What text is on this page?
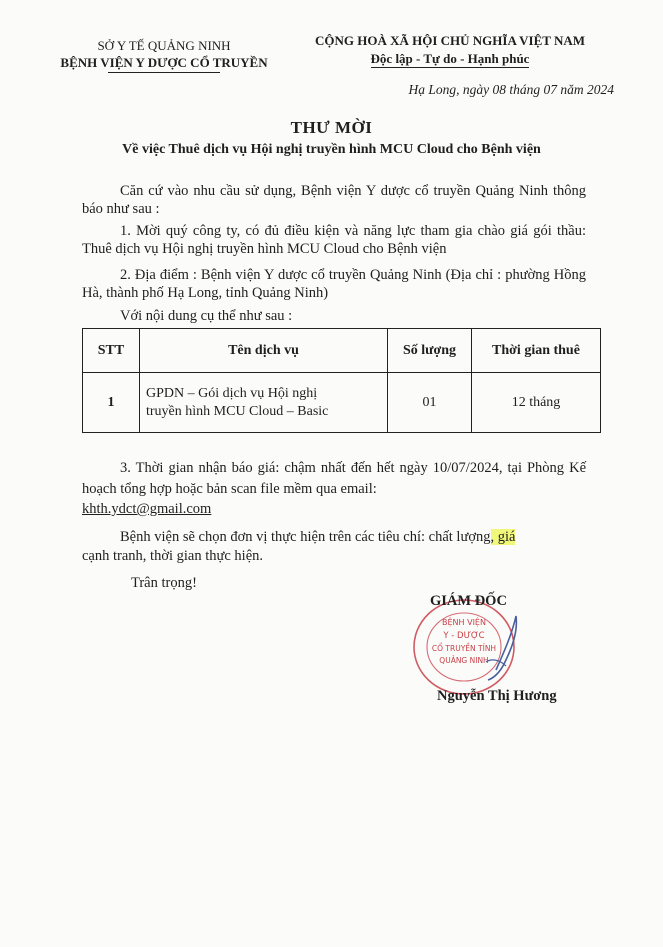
SỞ Y TẾ QUẢNG NINH
BỆNH VIỆN Y DƯỢC CỔ TRUYỀN
CỘNG HOÀ XÃ HỘI CHỦ NGHĨA VIỆT NAM
Độc lập - Tự do - Hạnh phúc
Hạ Long, ngày 08 tháng 07 năm 2024
THƯ MỜI
Về việc Thuê dịch vụ Hội nghị truyền hình MCU Cloud cho Bệnh viện
Căn cứ vào nhu cầu sử dụng, Bệnh viện Y dược cổ truyền Quảng Ninh thông báo như sau :
1. Mời quý công ty, có đủ điều kiện và năng lực tham gia chào giá gói thầu: Thuê dịch vụ Hội nghị truyền hình MCU Cloud cho Bệnh viện
2. Địa điểm : Bệnh viện Y dược cổ truyền Quảng Ninh (Địa chỉ : phường Hồng Hà, thành phố Hạ Long, tỉnh Quảng Ninh)
Với nội dung cụ thể như sau :
STT	Tên dịch vụ	Số lượng	Thời gian thuê
1	GPDN – Gói dịch vụ Hội nghị
truyền hình MCU Cloud – Basic	01	12 tháng
3. Thời gian nhận báo giá: chậm nhất đến hết ngày 10/07/2024, tại Phòng Kế hoạch tổng hợp hoặc bản scan file mềm qua email:
khth.ydct@gmail.com
Bệnh viện sẽ chọn đơn vị thực hiện trên các tiêu chí: chất lượng, giá
cạnh tranh, thời gian thực hiện.
Trân trọng!
BỆNH VIỆN
Y - DƯỢC
CỔ TRUYỀN TỈNH
QUẢNG NINH
GIÁM ĐỐC
Nguyễn Thị Hương
